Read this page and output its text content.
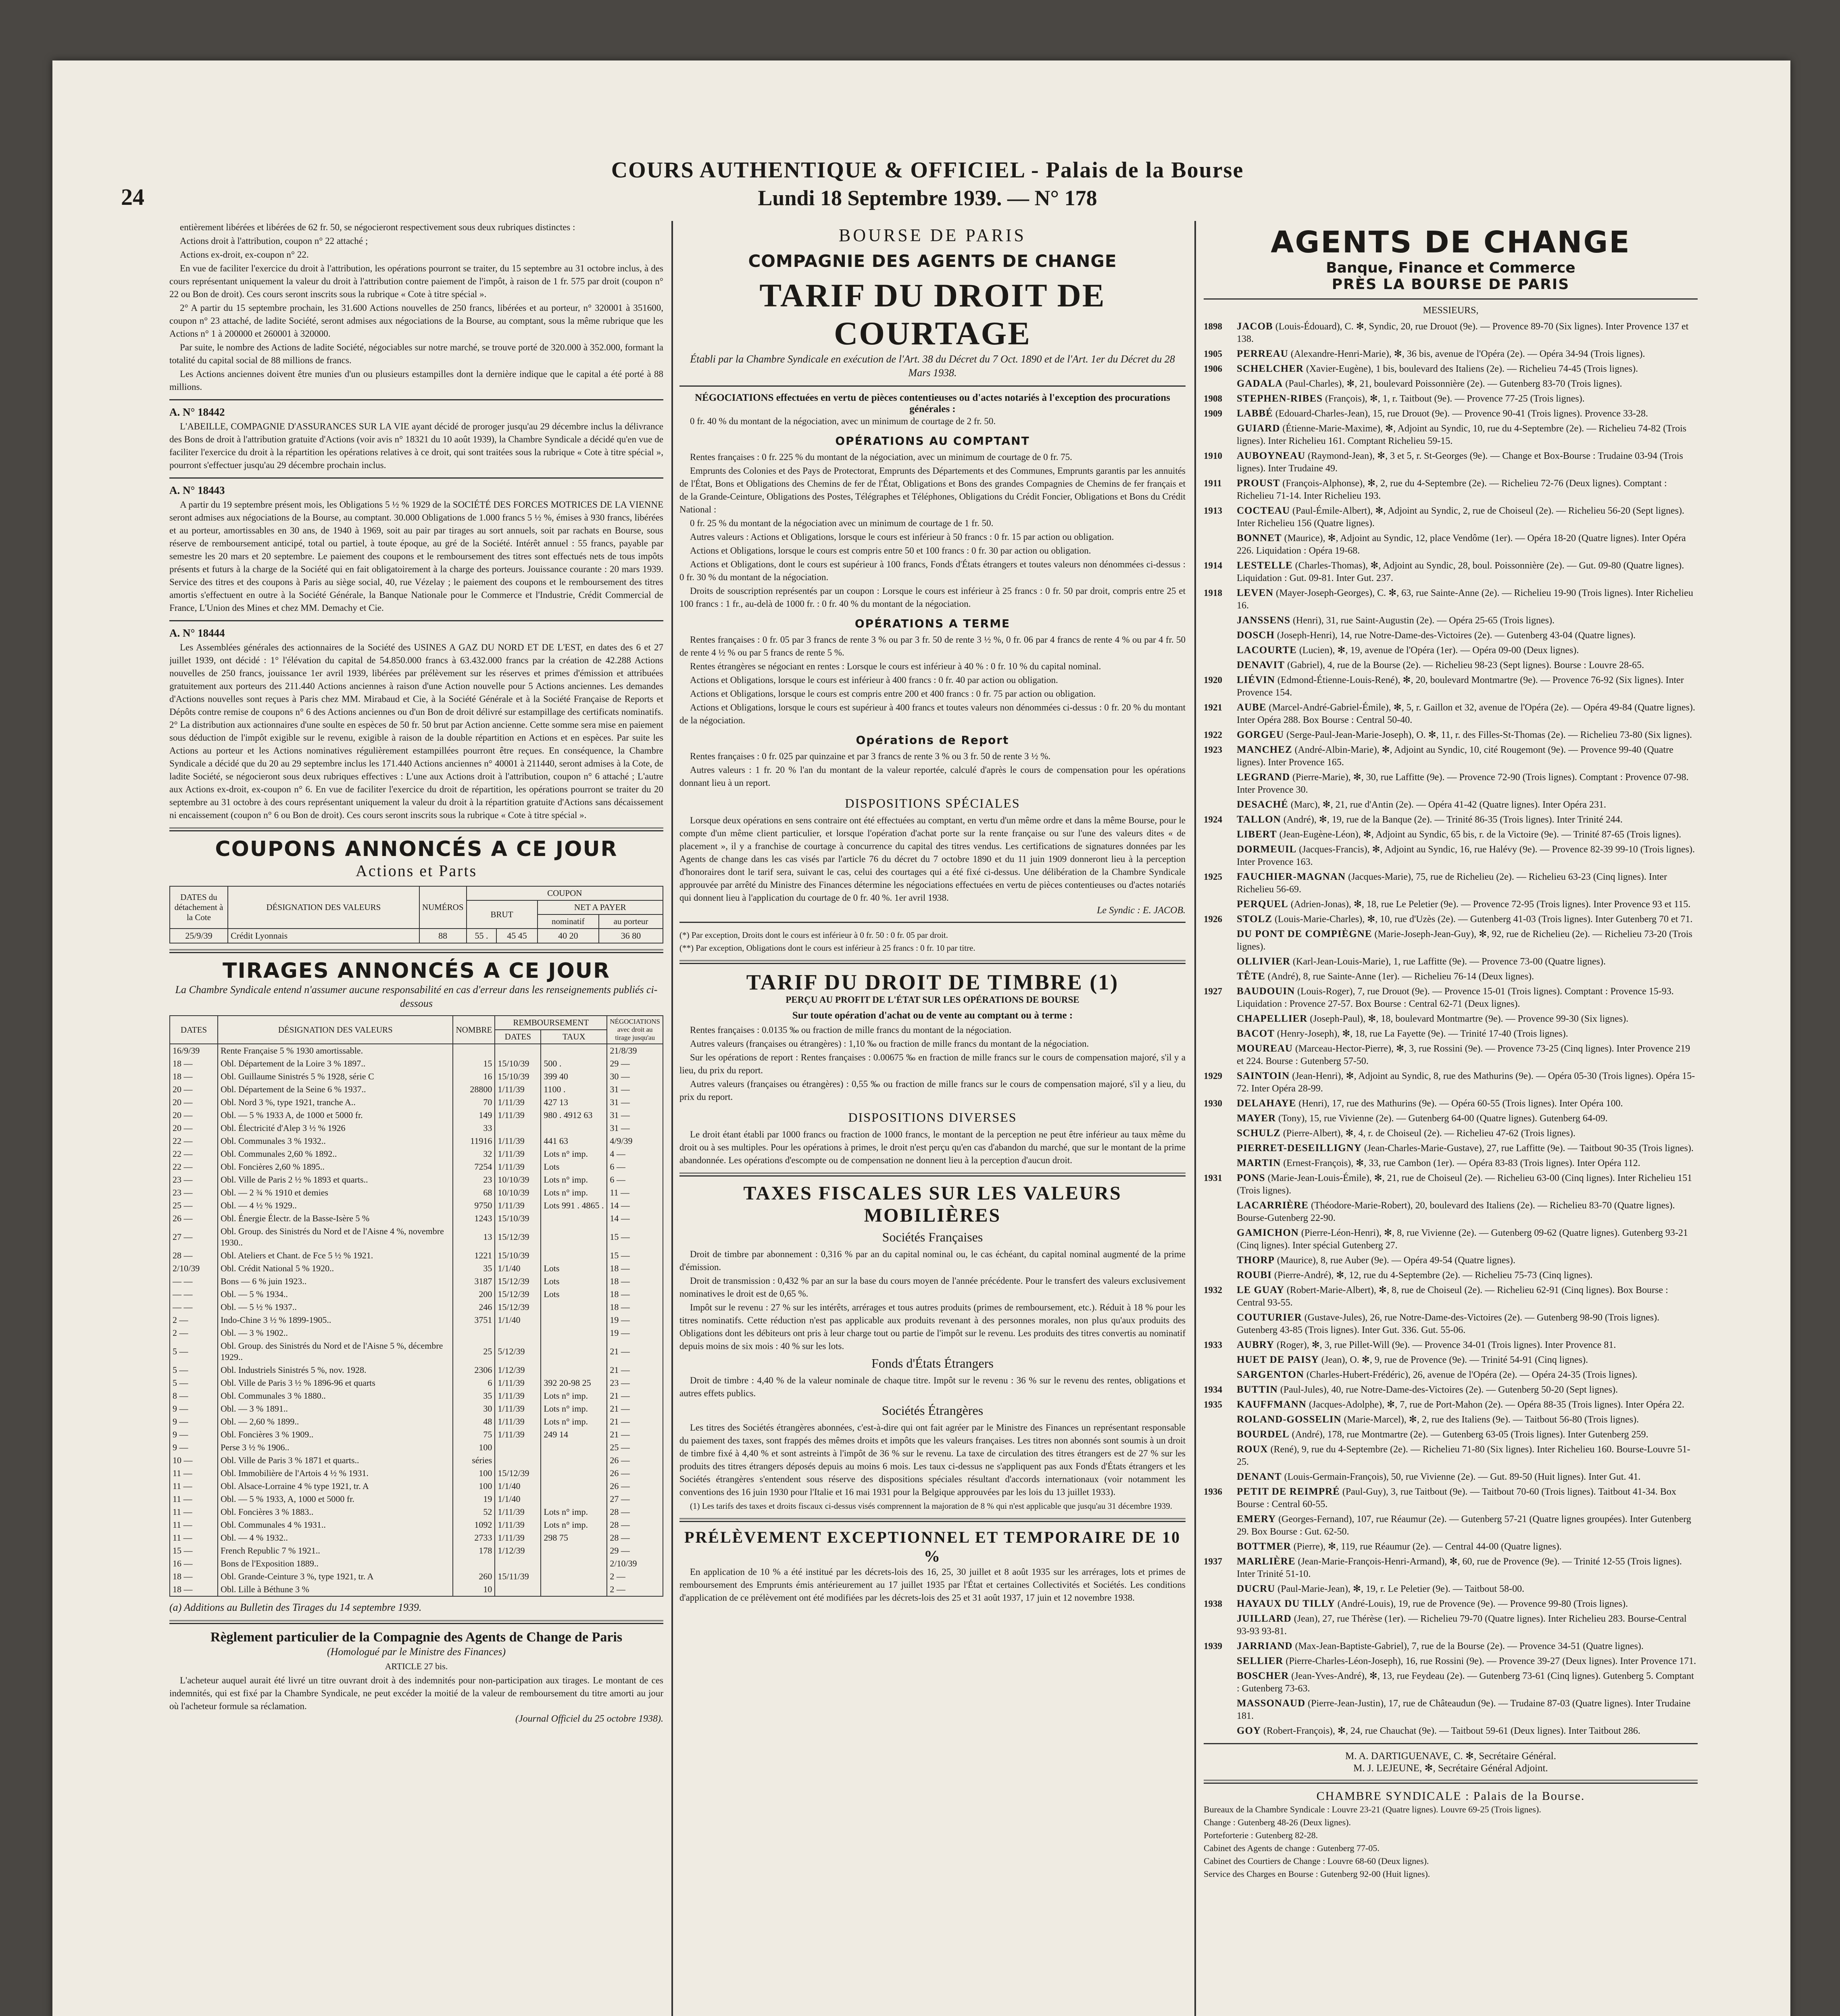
24
COURS AUTHENTIQUE & OFFICIEL - Palais de la Bourse
Lundi 18 Septembre 1939. — N° 178

entièrement libérées et libérées de 62 fr. 50, se négocieront respectivement sous deux rubriques distinctes :

Actions droit à l'attribution, coupon n° 22 attaché ;

Actions ex-droit, ex-coupon n° 22.

En vue de faciliter l'exercice du droit à l'attribution, les opérations pourront se traiter, du 15 septembre au 31 octobre inclus, à des cours représentant uniquement la valeur du droit à l'attribution contre paiement de l'impôt, à raison de 1 fr. 575 par droit (coupon n° 22 ou Bon de droit). Ces cours seront inscrits sous la rubrique « Cote à titre spécial ».

2° A partir du 15 septembre prochain, les 31.600 Actions nouvelles de 250 francs, libérées et au porteur, n° 320001 à 351600, coupon n° 23 attaché, de ladite Société, seront admises aux négociations de la Bourse, au comptant, sous la même rubrique que les Actions n° 1 à 200000 et 260001 à 320000.

Par suite, le nombre des Actions de ladite Société, négociables sur notre marché, se trouve porté de 320.000 à 352.000, formant la totalité du capital social de 88 millions de francs.

Les Actions anciennes doivent être munies d'un ou plusieurs estampilles dont la dernière indique que le capital a été porté à 88 millions.

A. N° 18442

L'ABEILLE, COMPAGNIE D'ASSURANCES SUR LA VIE ayant décidé de proroger jusqu'au 29 décembre inclus la délivrance des Bons de droit à l'attribution gratuite d'Actions (voir avis n° 18321 du 10 août 1939), la Chambre Syndicale a décidé qu'en vue de faciliter l'exercice du droit à la répartition les opérations relatives à ce droit, qui sont traitées sous la rubrique « Cote à titre spécial », pourront s'effectuer jusqu'au 29 décembre prochain inclus.

A. N° 18443

A partir du 19 septembre présent mois, les Obligations 5 ½ % 1929 de la SOCIÉTÉ DES FORCES MOTRICES DE LA VIENNE seront admises aux négociations de la Bourse, au comptant. 30.000 Obligations de 1.000 francs 5 ½ %, émises à 930 francs, libérées et au porteur, amortissables en 30 ans, de 1940 à 1969, soit au pair par tirages au sort annuels, soit par rachats en Bourse, sous réserve de remboursement anticipé, total ou partiel, à toute époque, au gré de la Société. Intérêt annuel : 55 francs, payable par semestre les 20 mars et 20 septembre. Le paiement des coupons et le remboursement des titres sont effectués nets de tous impôts présents et futurs à la charge de la Société qui en fait obligatoirement à la charge des porteurs. Jouissance courante : 20 mars 1939. Service des titres et des coupons à Paris au siège social, 40, rue Vézelay ; le paiement des coupons et le remboursement des titres amortis s'effectuent en outre à la Société Générale, la Banque Nationale pour le Commerce et l'Industrie, Crédit Commercial de France, L'Union des Mines et chez MM. Demachy et Cie.

A. N° 18444

Les Assemblées générales des actionnaires de la Société des USINES A GAZ DU NORD ET DE L'EST, en dates des 6 et 27 juillet 1939, ont décidé : 1° l'élévation du capital de 54.850.000 francs à 63.432.000 francs par la création de 42.288 Actions nouvelles de 250 francs, jouissance 1er avril 1939, libérées par prélèvement sur les réserves et primes d'émission et attribuées gratuitement aux porteurs des 211.440 Actions anciennes à raison d'une Action nouvelle pour 5 Actions anciennes. Les demandes d'Actions nouvelles sont reçues à Paris chez MM. Mirabaud et Cie, à la Société Générale et à la Société Française de Reports et Dépôts contre remise de coupons n° 6 des Actions anciennes ou d'un Bon de droit délivré sur estampillage des certificats nominatifs. 2° La distribution aux actionnaires d'une soulte en espèces de 50 fr. 50 brut par Action ancienne. Cette somme sera mise en paiement sous déduction de l'impôt exigible sur le revenu, exigible à raison de la double répartition en Actions et en espèces. Par suite les Actions au porteur et les Actions nominatives régulièrement estampillées pourront être reçues. En conséquence, la Chambre Syndicale a décidé que du 20 au 29 septembre inclus les 171.440 Actions anciennes n° 40001 à 211440, seront admises à la Cote, de ladite Société, se négocieront sous deux rubriques effectives : L'une aux Actions droit à l'attribution, coupon n° 6 attaché ; L'autre aux Actions ex-droit, ex-coupon n° 6. En vue de faciliter l'exercice du droit de répartition, les opérations pourront se traiter du 20 septembre au 31 octobre à des cours représentant uniquement la valeur du droit à la répartition gratuite d'Actions sans décaissement ni encaissement (coupon n° 6 ou Bon de droit). Ces cours seront inscrits sous la rubrique « Cote à titre spécial ».

COUPONS ANNONCÉS A CE JOUR
Actions et Parts
DATES du détachement à la Cote	DÉSIGNATION DES VALEURS	NUMÉROS	COUPON			
			BRUT		NET A PAYER	
					nominatif	au porteur
25/9/39	Crédit Lyonnais	88	55 .	45 45	40 20	36 80
TIRAGES ANNONCÉS A CE JOUR
La Chambre Syndicale entend n'assumer aucune responsabilité en cas d'erreur dans les renseignements publiés ci-dessous
DATES	DÉSIGNATION DES VALEURS	NOMBRE	REMBOURSEMENT		NÉGOCIATIONS avec droit au tirage jusqu'au
			DATES	TAUX	
16/9/39	Rente Française 5 % 1930 amortissable.				21/8/39
18 —	Obl. Département de la Loire 3 % 1897..	15	15/10/39	500 .	29 —
18 —	Obl. Guillaume Sinistrés 5 % 1928, série C	16	15/10/39	399 40	30 —
20 —	Obl. Département de la Seine 6 % 1937..	28800	1/11/39	1100 .	31 —
20 —	Obl. Nord 3 %, type 1921, tranche A..	70	1/11/39	427 13	31 —
20 —	Obl. — 5 % 1933 A, de 1000 et 5000 fr.	149	1/11/39	980 . 4912 63	31 —
20 —	Obl. Électricité d'Alep 3 ½ % 1926	33			31 —
22 —	Obl. Communales 3 % 1932..	11916	1/11/39	441 63	4/9/39
22 —	Obl. Communales 2,60 % 1892..	32	1/11/39	Lots n° imp.	4 —
22 —	Obl. Foncières 2,60 % 1895..	7254	1/11/39	Lots	6 —
23 —	Obl. Ville de Paris 2 ½ % 1893 et quarts..	23	10/10/39	Lots n° imp.	6 —
23 —	Obl. — 2 ¾ % 1910 et demies	68	10/10/39	Lots n° imp.	11 —
25 —	Obl. — 4 ½ % 1929..	9750	1/11/39	Lots 991 . 4865 .	14 —
26 —	Obl. Énergie Électr. de la Basse-Isère 5 %	1243	15/10/39		14 —
27 —	Obl. Group. des Sinistrés du Nord et de l'Aisne 4 %, novembre 1930..	13	15/12/39		15 —
28 —	Obl. Ateliers et Chant. de Fce 5 ½ % 1921.	1221	15/10/39		15 —
2/10/39	Obl. Crédit National 5 % 1920..	35	1/1/40	Lots	18 —
— —	Bons — 6 % juin 1923..	3187	15/12/39	Lots	18 —
— —	Obl. — 5 % 1934..	200	15/12/39	Lots	18 —
— —	Obl. — 5 ½ % 1937..	246	15/12/39		18 —
2 —	Indo-Chine 3 ½ % 1899-1905..	3751	1/1/40		19 —
2 —	Obl. — 3 % 1902..				19 —
5 —	Obl. Group. des Sinistrés du Nord et de l'Aisne 5 %, décembre 1929..	25	5/12/39		21 —
5 —	Obl. Industriels Sinistrés 5 %, nov. 1928.	2306	1/12/39		21 —
5 —	Obl. Ville de Paris 3 ½ % 1896-96 et quarts	6	1/11/39	392 20-98 25	23 —
8 —	Obl. Communales 3 % 1880..	35	1/11/39	Lots n° imp.	21 —
9 —	Obl. — 3 % 1891..	30	1/11/39	Lots n° imp.	21 —
9 —	Obl. — 2,60 % 1899..	48	1/11/39	Lots n° imp.	21 —
9 —	Obl. Foncières 3 % 1909..	75	1/11/39	249 14	21 —
9 —	Perse 3 ½ % 1906..	100			25 —
10 —	Obl. Ville de Paris 3 % 1871 et quarts..	séries			26 —
11 —	Obl. Immobilière de l'Artois 4 ½ % 1931.	100	15/12/39		26 —
11 —	Obl. Alsace-Lorraine 4 % type 1921, tr. A	100	1/1/40		26 —
11 —	Obl. — 5 % 1933, A, 1000 et 5000 fr.	19	1/1/40		27 —
11 —	Obl. Foncières 3 % 1883..	52	1/11/39	Lots n° imp.	28 —
11 —	Obl. Communales 4 % 1931..	1092	1/11/39	Lots n° imp.	28 —
11 —	Obl. — 4 % 1932..	2733	1/11/39	298 75	28 —
15 —	French Republic 7 % 1921..	178	1/12/39		29 —
16 —	Bons de l'Exposition 1889..				2/10/39
18 —	Obl. Grande-Ceinture 3 %, type 1921, tr. A	260	15/11/39		2 —
18 —	Obl. Lille à Béthune 3 %	10			2 —
(a) Additions au Bulletin des Tirages du 14 septembre 1939.
Règlement particulier de la Compagnie des Agents de Change de Paris
(Homologué par le Ministre des Finances)
ARTICLE 27 bis.

L'acheteur auquel aurait été livré un titre ouvrant droit à des indemnités pour non-participation aux tirages. Le montant de ces indemnités, qui est fixé par la Chambre Syndicale, ne peut excéder la moitié de la valeur de remboursement du titre amorti au jour où l'acheteur formule sa réclamation.

(Journal Officiel du 25 octobre 1938).
BOURSE DE PARIS
COMPAGNIE DES AGENTS DE CHANGE
TARIF DU DROIT DE COURTAGE
Établi par la Chambre Syndicale en exécution de l'Art. 38 du Décret du 7 Oct. 1890 et de l'Art. 1er du Décret du 28 Mars 1938.
NÉGOCIATIONS effectuées en vertu de pièces contentieuses ou d'actes notariés à l'exception des procurations générales :

0 fr. 40 % du montant de la négociation, avec un minimum de courtage de 2 fr. 50.

OPÉRATIONS AU COMPTANT

Rentes françaises : 0 fr. 225 % du montant de la négociation, avec un minimum de courtage de 0 fr. 75.

Emprunts des Colonies et des Pays de Protectorat, Emprunts des Départements et des Communes, Emprunts garantis par les annuités de l'État, Bons et Obligations des Chemins de fer de l'État, Obligations et Bons des grandes Compagnies de Chemins de fer français et de la Grande-Ceinture, Obligations des Postes, Télégraphes et Téléphones, Obligations du Crédit Foncier, Obligations et Bons du Crédit National :

0 fr. 25 % du montant de la négociation avec un minimum de courtage de 1 fr. 50.

Autres valeurs : Actions et Obligations, lorsque le cours est inférieur à 50 francs : 0 fr. 15 par action ou obligation.

Actions et Obligations, lorsque le cours est compris entre 50 et 100 francs : 0 fr. 30 par action ou obligation.

Actions et Obligations, dont le cours est supérieur à 100 francs, Fonds d'États étrangers et toutes valeurs non dénommées ci-dessus : 0 fr. 30 % du montant de la négociation.

Droits de souscription représentés par un coupon : Lorsque le cours est inférieur à 25 francs : 0 fr. 50 par droit, compris entre 25 et 100 francs : 1 fr., au-delà de 1000 fr. : 0 fr. 40 % du montant de la négociation.

OPÉRATIONS A TERME

Rentes françaises : 0 fr. 05 par 3 francs de rente 3 % ou par 3 fr. 50 de rente 3 ½ %, 0 fr. 06 par 4 francs de rente 4 % ou par 4 fr. 50 de rente 4 ½ % ou par 5 francs de rente 5 %.

Rentes étrangères se négociant en rentes : Lorsque le cours est inférieur à 40 % : 0 fr. 10 % du capital nominal.

Actions et Obligations, lorsque le cours est inférieur à 400 francs : 0 fr. 40 par action ou obligation.

Actions et Obligations, lorsque le cours est compris entre 200 et 400 francs : 0 fr. 75 par action ou obligation.

Actions et Obligations, lorsque le cours est supérieur à 400 francs et toutes valeurs non dénommées ci-dessus : 0 fr. 20 % du montant de la négociation.

Opérations de Report

Rentes françaises : 0 fr. 025 par quinzaine et par 3 francs de rente 3 % ou 3 fr. 50 de rente 3 ½ %.

Autres valeurs : 1 fr. 20 % l'an du montant de la valeur reportée, calculé d'après le cours de compensation pour les opérations donnant lieu à un report.

DISPOSITIONS SPÉCIALES

Lorsque deux opérations en sens contraire ont été effectuées au comptant, en vertu d'un même ordre et dans la même Bourse, pour le compte d'un même client particulier, et lorsque l'opération d'achat porte sur la rente française ou sur l'une des valeurs dites « de placement », il y a franchise de courtage à concurrence du capital des titres vendus. Les certifications de signatures données par les Agents de change dans les cas visés par l'article 76 du décret du 7 octobre 1890 et du 11 juin 1909 donneront lieu à la perception d'honoraires dont le tarif sera, suivant le cas, celui des courtages qui a été fixé ci-dessus. Une délibération de la Chambre Syndicale approuvée par arrêté du Ministre des Finances détermine les négociations effectuées en vertu de pièces contentieuses ou d'actes notariés qui donnent lieu à l'application du courtage de 0 fr. 40 %. 1er avril 1938.

Le Syndic : E. JACOB.
(*) Par exception, Droits dont le cours est inférieur à 0 fr. 50 : 0 fr. 05 par droit.
(**) Par exception, Obligations dont le cours est inférieur à 25 francs : 0 fr. 10 par titre.
TARIF DU DROIT DE TIMBRE (1)
PERÇU AU PROFIT DE L'ÉTAT SUR LES OPÉRATIONS DE BOURSE
Sur toute opération d'achat ou de vente au comptant ou à terme :

Rentes françaises : 0.0135 ‰ ou fraction de mille francs du montant de la négociation.

Autres valeurs (françaises ou étrangères) : 1,10 ‰ ou fraction de mille francs du montant de la négociation.

Sur les opérations de report : Rentes françaises : 0.00675 ‰ en fraction de mille francs sur le cours de compensation majoré, s'il y a lieu, du prix du report.

Autres valeurs (françaises ou étrangères) : 0,55 ‰ ou fraction de mille francs sur le cours de compensation majoré, s'il y a lieu, du prix du report.

DISPOSITIONS DIVERSES

Le droit étant établi par 1000 francs ou fraction de 1000 francs, le montant de la perception ne peut être inférieur au taux même du droit ou à ses multiples. Pour les opérations à primes, le droit n'est perçu qu'en cas d'abandon du marché, que sur le montant de la prime abandonnée. Les opérations d'escompte ou de compensation ne donnent lieu à la perception d'aucun droit.

TAXES FISCALES SUR LES VALEURS MOBILIÈRES
Sociétés Françaises

Droit de timbre par abonnement : 0,316 % par an du capital nominal ou, le cas échéant, du capital nominal augmenté de la prime d'émission.

Droit de transmission : 0,432 % par an sur la base du cours moyen de l'année précédente. Pour le transfert des valeurs exclusivement nominatives le droit est de 0,65 %.

Impôt sur le revenu : 27 % sur les intérêts, arrérages et tous autres produits (primes de remboursement, etc.). Réduit à 18 % pour les titres nominatifs. Cette réduction n'est pas applicable aux produits revenant à des personnes morales, non plus qu'aux produits des Obligations dont les débiteurs ont pris à leur charge tout ou partie de l'impôt sur le revenu. Les produits des titres convertis au nominatif depuis moins de six mois : 40 % sur les lots.

Fonds d'États Étrangers

Droit de timbre : 4,40 % de la valeur nominale de chaque titre. Impôt sur le revenu : 36 % sur le revenu des rentes, obligations et autres effets publics.

Sociétés Étrangères

Les titres des Sociétés étrangères abonnées, c'est-à-dire qui ont fait agréer par le Ministre des Finances un représentant responsable du paiement des taxes, sont frappés des mêmes droits et impôts que les valeurs françaises. Les titres non abonnés sont soumis à un droit de timbre fixé à 4,40 % et sont astreints à l'impôt de 36 % sur le revenu. La taxe de circulation des titres étrangers est de 27 % sur les produits des titres étrangers déposés depuis au moins 6 mois. Les taux ci-dessus ne s'appliquent pas aux Fonds d'États étrangers et les Sociétés étrangères s'entendent sous réserve des dispositions spéciales résultant d'accords internationaux (voir notamment les conventions des 16 juin 1930 pour l'Italie et 16 mai 1931 pour la Belgique approuvées par les lois du 13 juillet 1933).

(1) Les tarifs des taxes et droits fiscaux ci-dessus visés comprennent la majoration de 8 % qui n'est applicable que jusqu'au 31 décembre 1939.

PRÉLÈVEMENT EXCEPTIONNEL ET TEMPORAIRE DE 10 %

En application de 10 % a été institué par les décrets-lois des 16, 25, 30 juillet et 8 août 1935 sur les arrérages, lots et primes de remboursement des Emprunts émis antérieurement au 17 juillet 1935 par l'État et certaines Collectivités et Sociétés. Les conditions d'application de ce prélèvement ont été modifiées par les décrets-lois des 25 et 31 août 1937, 17 juin et 12 novembre 1938.

AGENTS DE CHANGE
Banque, Finance et Commerce
PRÈS LA BOURSE DE PARIS
MESSIEURS,
1898 JACOB (Louis-Édouard), C. ✻, Syndic, 20, rue Drouot (9e). — Provence 89-70 (Six lignes). Inter Provence 137 et 138.
1905 PERREAU (Alexandre-Henri-Marie), ✻, 36 bis, avenue de l'Opéra (2e). — Opéra 34-94 (Trois lignes).
1906 SCHELCHER (Xavier-Eugène), 1 bis, boulevard des Italiens (2e). — Richelieu 74-45 (Trois lignes).
GADALA (Paul-Charles), ✻, 21, boulevard Poissonnière (2e). — Gutenberg 83-70 (Trois lignes).
1908 STEPHEN-RIBES (François), ✻, 1, r. Taitbout (9e). — Provence 77-25 (Trois lignes).
1909 LABBÉ (Edouard-Charles-Jean), 15, rue Drouot (9e). — Provence 90-41 (Trois lignes). Provence 33-28.
GUIARD (Étienne-Marie-Maxime), ✻, Adjoint au Syndic, 10, rue du 4-Septembre (2e). — Richelieu 74-82 (Trois lignes). Inter Richelieu 161. Comptant Richelieu 59-15.
1910 AUBOYNEAU (Raymond-Jean), ✻, 3 et 5, r. St-Georges (9e). — Change et Box-Bourse : Trudaine 03-94 (Trois lignes). Inter Trudaine 49.
1911 PROUST (François-Alphonse), ✻, 2, rue du 4-Septembre (2e). — Richelieu 72-76 (Deux lignes). Comptant : Richelieu 71-14. Inter Richelieu 193.
1913 COCTEAU (Paul-Émile-Albert), ✻, Adjoint au Syndic, 2, rue de Choiseul (2e). — Richelieu 56-20 (Sept lignes). Inter Richelieu 156 (Quatre lignes).
BONNET (Maurice), ✻, Adjoint au Syndic, 12, place Vendôme (1er). — Opéra 18-20 (Quatre lignes). Inter Opéra 226. Liquidation : Opéra 19-68.
1914 LESTELLE (Charles-Thomas), ✻, Adjoint au Syndic, 28, boul. Poissonnière (2e). — Gut. 09-80 (Quatre lignes). Liquidation : Gut. 09-81. Inter Gut. 237.
1918 LEVEN (Mayer-Joseph-Georges), C. ✻, 63, rue Sainte-Anne (2e). — Richelieu 19-90 (Trois lignes). Inter Richelieu 16.
JANSSENS (Henri), 31, rue Saint-Augustin (2e). — Opéra 25-65 (Trois lignes).
DOSCH (Joseph-Henri), 14, rue Notre-Dame-des-Victoires (2e). — Gutenberg 43-04 (Quatre lignes).
LACOURTE (Lucien), ✻, 19, avenue de l'Opéra (1er). — Opéra 09-00 (Deux lignes).
DENAVIT (Gabriel), 4, rue de la Bourse (2e). — Richelieu 98-23 (Sept lignes). Bourse : Louvre 28-65.
1920 LIÉVIN (Edmond-Étienne-Louis-René), ✻, 20, boulevard Montmartre (9e). — Provence 76-92 (Six lignes). Inter Provence 154.
1921 AUBE (Marcel-André-Gabriel-Émile), ✻, 5, r. Gaillon et 32, avenue de l'Opéra (2e). — Opéra 49-84 (Quatre lignes). Inter Opéra 288. Box Bourse : Central 50-40.
1922 GORGEU (Serge-Paul-Jean-Marie-Joseph), O. ✻, 11, r. des Filles-St-Thomas (2e). — Richelieu 73-80 (Six lignes).
1923 MANCHEZ (André-Albin-Marie), ✻, Adjoint au Syndic, 10, cité Rougemont (9e). — Provence 99-40 (Quatre lignes). Inter Provence 165.
LEGRAND (Pierre-Marie), ✻, 30, rue Laffitte (9e). — Provence 72-90 (Trois lignes). Comptant : Provence 07-98. Inter Provence 30.
DESACHÉ (Marc), ✻, 21, rue d'Antin (2e). — Opéra 41-42 (Quatre lignes). Inter Opéra 231.
1924 TALLON (André), ✻, 19, rue de la Banque (2e). — Trinité 86-35 (Trois lignes). Inter Trinité 244.
LIBERT (Jean-Eugène-Léon), ✻, Adjoint au Syndic, 65 bis, r. de la Victoire (9e). — Trinité 87-65 (Trois lignes).
DORMEUIL (Jacques-Francis), ✻, Adjoint au Syndic, 16, rue Halévy (9e). — Provence 82-39 99-10 (Trois lignes). Inter Provence 163.
1925 FAUCHIER-MAGNAN (Jacques-Marie), 75, rue de Richelieu (2e). — Richelieu 63-23 (Cinq lignes). Inter Richelieu 56-69.
PERQUEL (Adrien-Jonas), ✻, 18, rue Le Peletier (9e). — Provence 72-95 (Trois lignes). Inter Provence 93 et 115.
1926 STOLZ (Louis-Marie-Charles), ✻, 10, rue d'Uzès (2e). — Gutenberg 41-03 (Trois lignes). Inter Gutenberg 70 et 71.
DU PONT DE COMPIÈGNE (Marie-Joseph-Jean-Guy), ✻, 92, rue de Richelieu (2e). — Richelieu 73-20 (Trois lignes).
OLLIVIER (Karl-Jean-Louis-Marie), 1, rue Laffitte (9e). — Provence 73-00 (Quatre lignes).
TÊTE (André), 8, rue Sainte-Anne (1er). — Richelieu 76-14 (Deux lignes).
1927 BAUDOUIN (Louis-Roger), 7, rue Drouot (9e). — Provence 15-01 (Trois lignes). Comptant : Provence 15-93. Liquidation : Provence 27-57. Box Bourse : Central 62-71 (Deux lignes).
CHAPELLIER (Joseph-Paul), ✻, 18, boulevard Montmartre (9e). — Provence 99-30 (Six lignes).
BACOT (Henry-Joseph), ✻, 18, rue La Fayette (9e). — Trinité 17-40 (Trois lignes).
MOUREAU (Marceau-Hector-Pierre), ✻, 3, rue Rossini (9e). — Provence 73-25 (Cinq lignes). Inter Provence 219 et 224. Bourse : Gutenberg 57-50.
1929 SAINTOIN (Jean-Henri), ✻, Adjoint au Syndic, 8, rue des Mathurins (9e). — Opéra 05-30 (Trois lignes). Opéra 15-72. Inter Opéra 28-99.
1930 DELAHAYE (Henri), 17, rue des Mathurins (9e). — Opéra 60-55 (Trois lignes). Inter Opéra 100.
MAYER (Tony), 15, rue Vivienne (2e). — Gutenberg 64-00 (Quatre lignes). Gutenberg 64-09.
SCHULZ (Pierre-Albert), ✻, 4, r. de Choiseul (2e). — Richelieu 47-62 (Trois lignes).
PIERRET-DESEILLIGNY (Jean-Charles-Marie-Gustave), 27, rue Laffitte (9e). — Taitbout 90-35 (Trois lignes).
MARTIN (Ernest-François), ✻, 33, rue Cambon (1er). — Opéra 83-83 (Trois lignes). Inter Opéra 112.
1931 PONS (Marie-Jean-Louis-Émile), ✻, 21, rue de Choiseul (2e). — Richelieu 63-00 (Cinq lignes). Inter Richelieu 151 (Trois lignes).
LACARRIÈRE (Théodore-Marie-Robert), 20, boulevard des Italiens (2e). — Richelieu 83-70 (Quatre lignes). Bourse-Gutenberg 22-90.
GAMICHON (Pierre-Léon-Henri), ✻, 8, rue Vivienne (2e). — Gutenberg 09-62 (Quatre lignes). Gutenberg 93-21 (Cinq lignes). Inter spécial Gutenberg 27.
THORP (Maurice), 8, rue Auber (9e). — Opéra 49-54 (Quatre lignes).
ROUBI (Pierre-André), ✻, 12, rue du 4-Septembre (2e). — Richelieu 75-73 (Cinq lignes).
1932 LE GUAY (Robert-Marie-Albert), ✻, 8, rue de Choiseul (2e). — Richelieu 62-91 (Cinq lignes). Box Bourse : Central 93-55.
COUTURIER (Gustave-Jules), 26, rue Notre-Dame-des-Victoires (2e). — Gutenberg 98-90 (Trois lignes). Gutenberg 43-85 (Trois lignes). Inter Gut. 336. Gut. 55-06.
1933 AUBRY (Roger), ✻, 3, rue Pillet-Will (9e). — Provence 34-01 (Trois lignes). Inter Provence 81.
HUET DE PAISY (Jean), O. ✻, 9, rue de Provence (9e). — Trinité 54-91 (Cinq lignes).
SARGENTON (Charles-Hubert-Frédéric), 26, avenue de l'Opéra (2e). — Opéra 24-35 (Trois lignes).
1934 BUTTIN (Paul-Jules), 40, rue Notre-Dame-des-Victoires (2e). — Gutenberg 50-20 (Sept lignes).
1935 KAUFFMANN (Jacques-Adolphe), ✻, 7, rue de Port-Mahon (2e). — Opéra 88-35 (Trois lignes). Inter Opéra 22.
ROLAND-GOSSELIN (Marie-Marcel), ✻, 2, rue des Italiens (9e). — Taitbout 56-80 (Trois lignes).
BOURDEL (André), 178, rue Montmartre (2e). — Gutenberg 63-05 (Trois lignes). Inter Gutenberg 259.
ROUX (René), 9, rue du 4-Septembre (2e). — Richelieu 71-80 (Six lignes). Inter Richelieu 160. Bourse-Louvre 51-25.
DENANT (Louis-Germain-François), 50, rue Vivienne (2e). — Gut. 89-50 (Huit lignes). Inter Gut. 41.
1936 PETIT DE REIMPRÉ (Paul-Guy), 3, rue Taitbout (9e). — Taitbout 70-60 (Trois lignes). Taitbout 41-34. Box Bourse : Central 60-55.
EMERY (Georges-Fernand), 107, rue Réaumur (2e). — Gutenberg 57-21 (Quatre lignes groupées). Inter Gutenberg 29. Box Bourse : Gut. 62-50.
BOTTMER (Pierre), ✻, 119, rue Réaumur (2e). — Central 44-00 (Quatre lignes).
1937 MARLIÈRE (Jean-Marie-François-Henri-Armand), ✻, 60, rue de Provence (9e). — Trinité 12-55 (Trois lignes). Inter Trinité 51-10.
DUCRU (Paul-Marie-Jean), ✻, 19, r. Le Peletier (9e). — Taitbout 58-00.
1938 HAYAUX DU TILLY (André-Louis), 19, rue de Provence (9e). — Provence 99-80 (Trois lignes).
JUILLARD (Jean), 27, rue Thérèse (1er). — Richelieu 79-70 (Quatre lignes). Inter Richelieu 283. Bourse-Central 93-93 93-81.
1939 JARRIAND (Max-Jean-Baptiste-Gabriel), 7, rue de la Bourse (2e). — Provence 34-51 (Quatre lignes).
SELLIER (Pierre-Charles-Léon-Joseph), 16, rue Rossini (9e). — Provence 39-27 (Deux lignes). Inter Provence 171.
BOSCHER (Jean-Yves-André), ✻, 13, rue Feydeau (2e). — Gutenberg 73-61 (Cinq lignes). Gutenberg 5. Comptant : Gutenberg 73-63.
MASSONAUD (Pierre-Jean-Justin), 17, rue de Châteaudun (9e). — Trudaine 87-03 (Quatre lignes). Inter Trudaine 181.
GOY (Robert-François), ✻, 24, rue Chauchat (9e). — Taitbout 59-61 (Deux lignes). Inter Taitbout 286.
M. A. DARTIGUENAVE, C. ✻, Secrétaire Général.
M. J. LEJEUNE, ✻, Secrétaire Général Adjoint.
CHAMBRE SYNDICALE : Palais de la Bourse.
Bureaux de la Chambre Syndicale : Louvre 23-21 (Quatre lignes). Louvre 69-25 (Trois lignes).
Change : Gutenberg 48-26 (Deux lignes).
Porteforterie : Gutenberg 82-28.
Cabinet des Agents de change : Gutenberg 77-05.
Cabinet des Courtiers de Change : Louvre 68-60 (Deux lignes).
Service des Charges en Bourse : Gutenberg 92-00 (Huit lignes).
